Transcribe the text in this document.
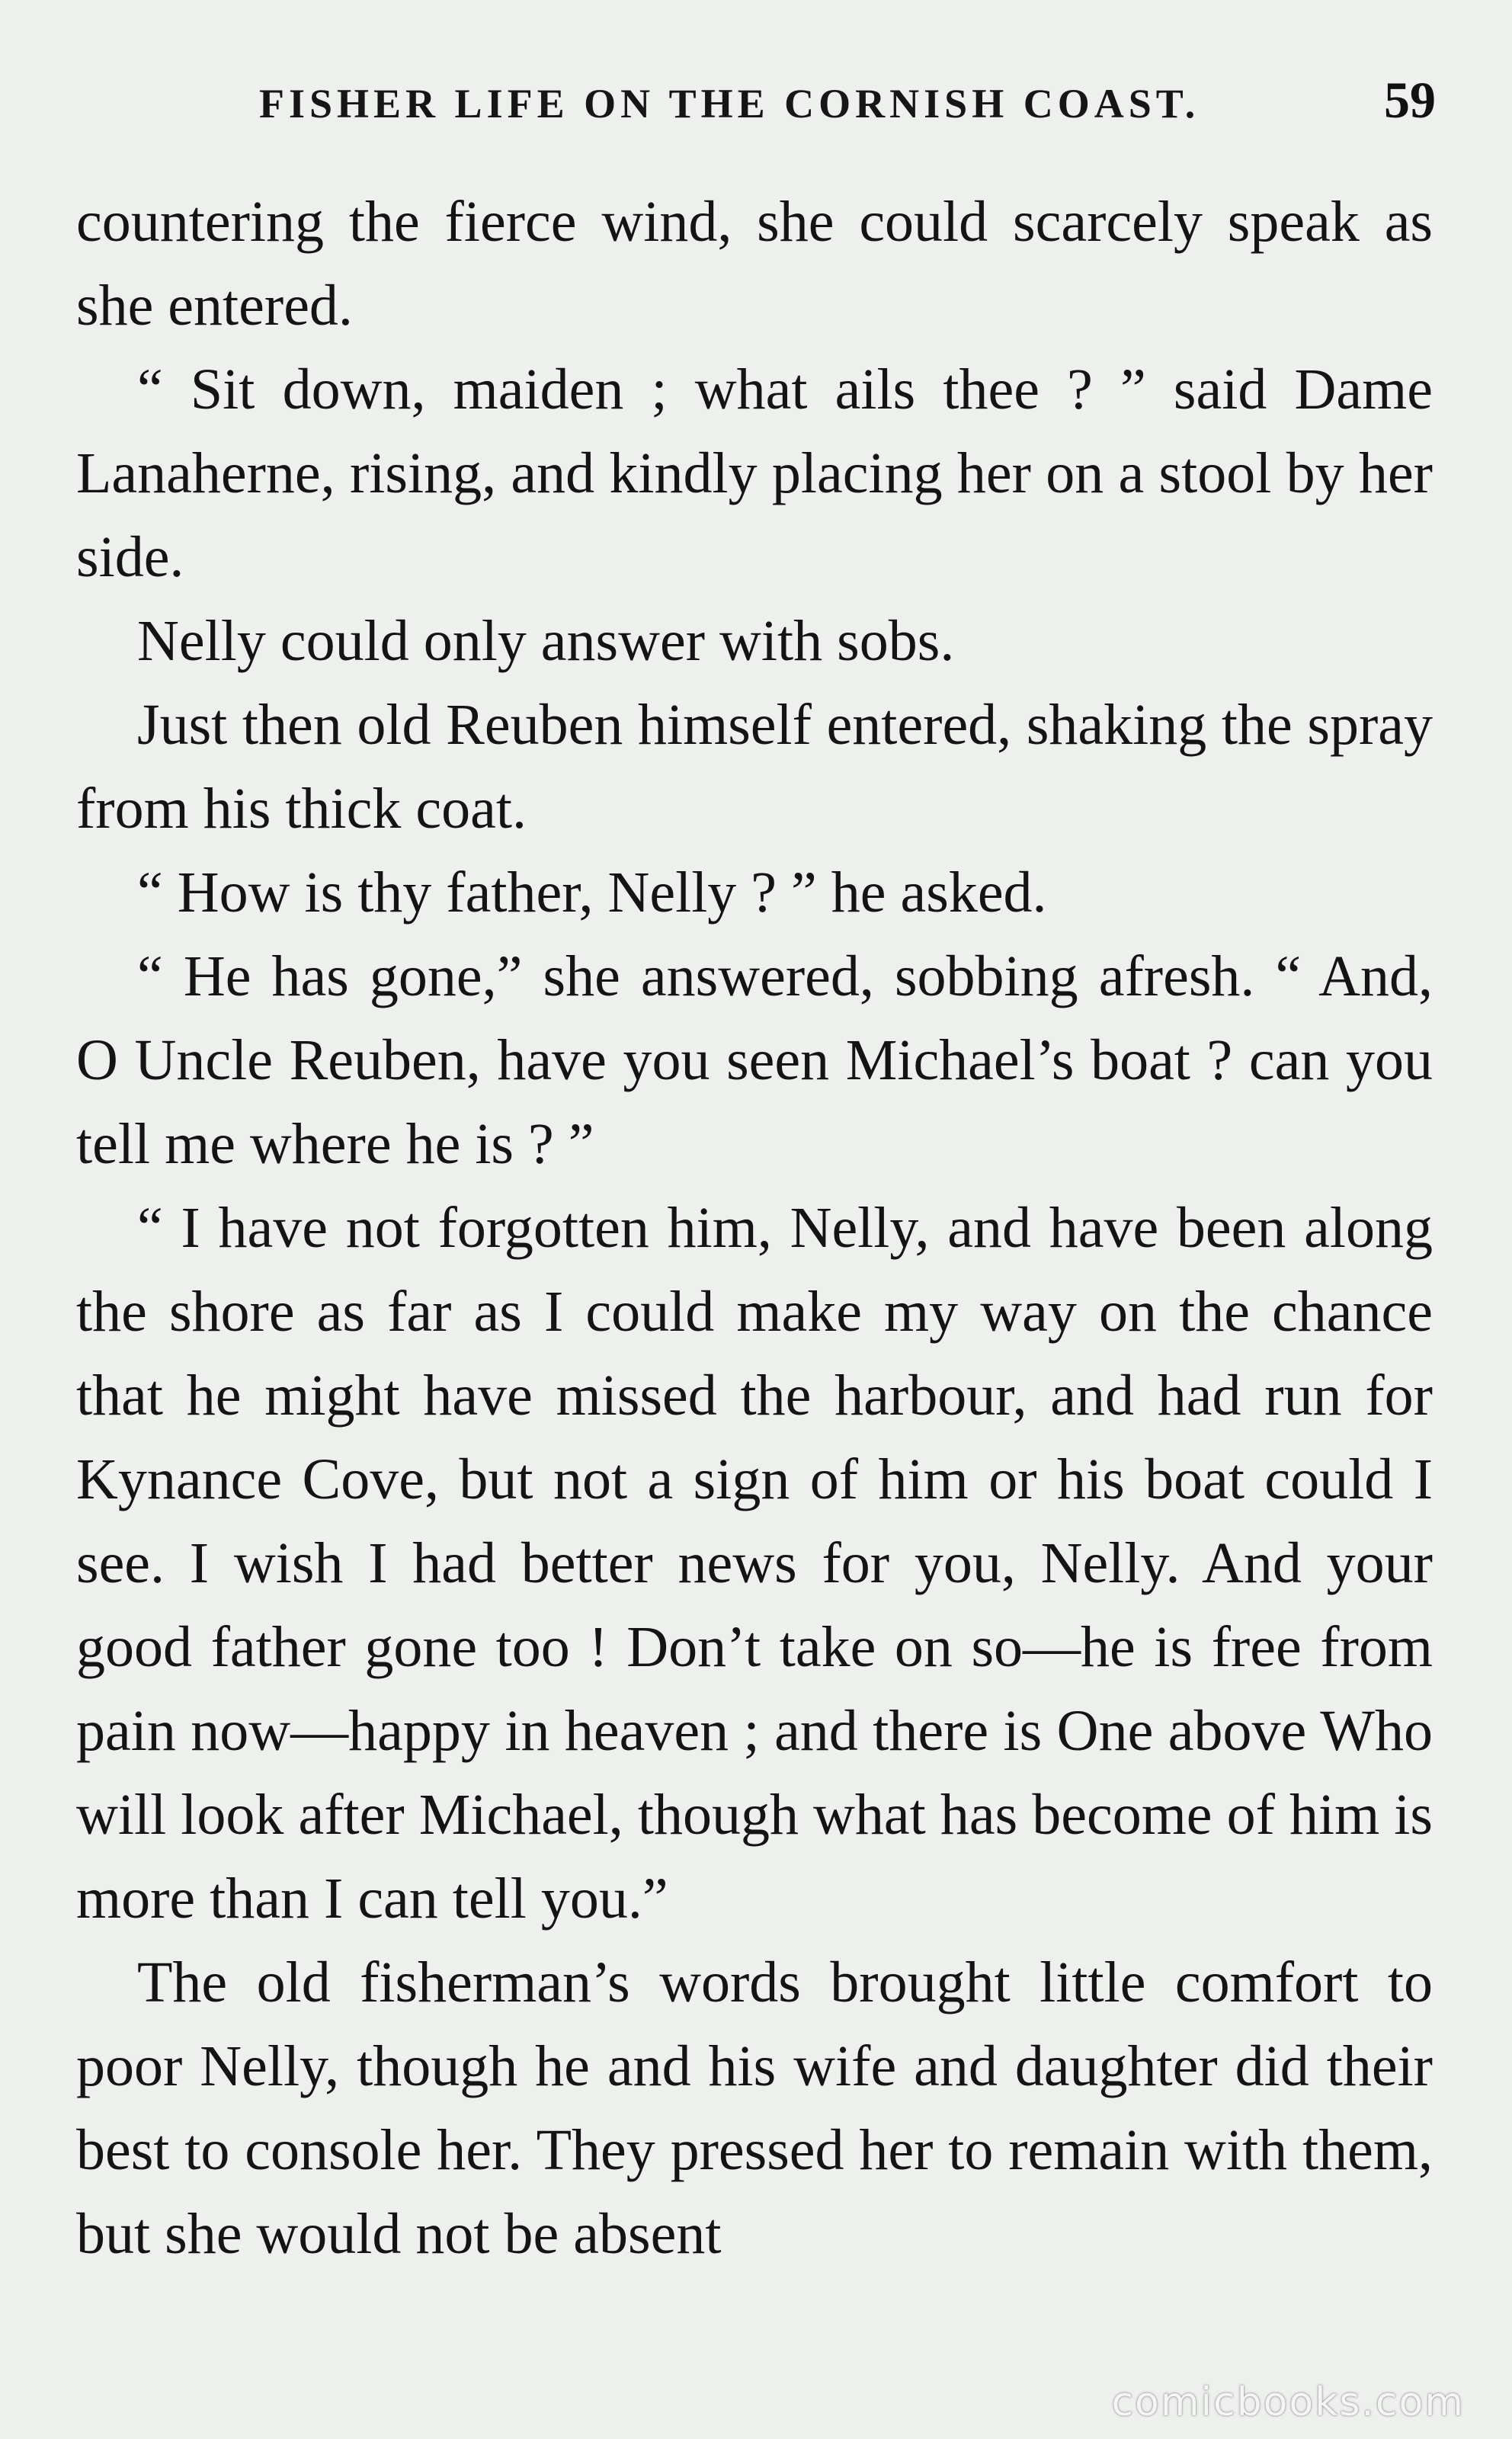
FISHER LIFE ON THE CORNISH COAST.	59

countering the fierce wind, she could scarcely speak as she entered.

“ Sit down, maiden ; what ails thee ? ” said Dame Lanaherne, rising, and kindly placing her on a stool by her side.

Nelly could only answer with sobs.

Just then old Reuben himself entered, shaking the spray from his thick coat.

“ How is thy father, Nelly ? ” he asked.

“ He has gone,” she answered, sobbing afresh. “ And, O Uncle Reuben, have you seen Michael’s boat ? can you tell me where he is ? ”

“ I have not forgotten him, Nelly, and have been along the shore as far as I could make my way on the chance that he might have missed the harbour, and had run for Kynance Cove, but not a sign of him or his boat could I see. I wish I had better news for you, Nelly. And your good father gone too ! Don’t take on so—he is free from pain now—happy in heaven ; and there is One above Who will look after Michael, though what has become of him is more than I can tell you.”

The old fisherman’s words brought little comfort to poor Nelly, though he and his wife and daughter did their best to console her. They pressed her to remain with them, but she would not be absent

comicbooks.com
